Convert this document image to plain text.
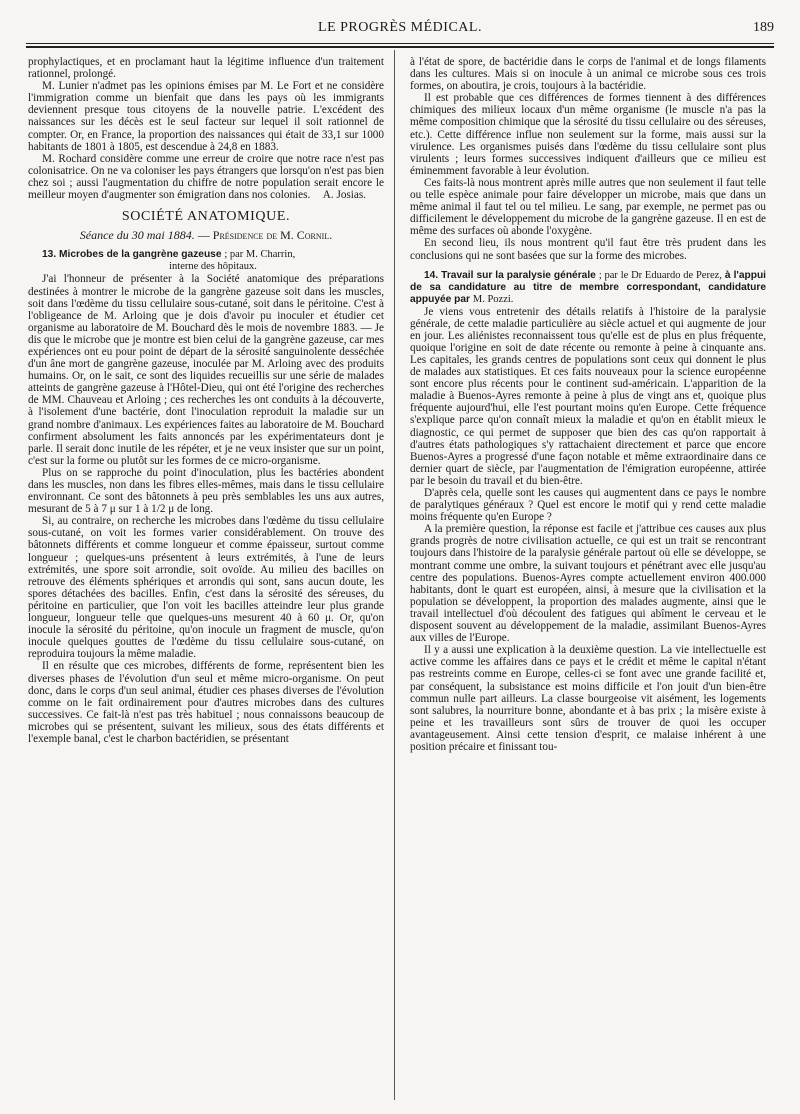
LE PROGRÈS MÉDICAL.	189

prophylactiques, et en proclamant haut la légitime influence d'un traitement rationnel, prolongé.

M. Lunier n'admet pas les opinions émises par M. Le Fort et ne considère l'immigration comme un bienfait que dans les pays où les immigrants deviennent presque tous citoyens de la nouvelle patrie. L'excédent des naissances sur les décès est le seul facteur sur lequel il soit rationnel de compter. Or, en France, la proportion des naissances qui était de 33,1 sur 1000 habitants de 1801 à 1805, est descendue à 24,8 en 1883.

M. Rochard considère comme une erreur de croire que notre race n'est pas colonisatrice. On ne va coloniser les pays étrangers que lorsqu'on n'est pas bien chez soi ; aussi l'augmentation du chiffre de notre population serait encore le meilleur moyen d'augmenter son émigration dans nos colonies.	A. Josias.

SOCIÉTÉ ANATOMIQUE.
Séance du 30 mai 1884. — Présidence de M. Cornil.

13. Microbes de la gangrène gazeuse ; par M. Charrin,
interne des hôpitaux.

J'ai l'honneur de présenter à la Société anatomique des préparations destinées à montrer le microbe de la gangrène gazeuse soit dans les muscles, soit dans l'œdème du tissu cellulaire sous-cutané, soit dans le péritoine. C'est à l'obligeance de M. Arloing que je dois d'avoir pu inoculer et étudier cet organisme au laboratoire de M. Bouchard dès le mois de novembre 1883. — Je dis que le microbe que je montre est bien celui de la gangrène gazeuse, car mes expériences ont eu pour point de départ de la sérosité sanguinolente desséchée d'un âne mort de gangrène gazeuse, inoculée par M. Arloing avec des produits humains. Or, on le sait, ce sont des liquides recueillis sur une série de malades atteints de gangrène gazeuse à l'Hôtel-Dieu, qui ont été l'origine des recherches de MM. Chauveau et Arloing ; ces recherches les ont conduits à la découverte, à l'isolement d'une bactérie, dont l'inoculation reproduit la maladie sur un grand nombre d'animaux. Les expériences faites au laboratoire de M. Bouchard confirment absolument les faits annoncés par les expérimentateurs dont je parle. Il serait donc inutile de les répéter, et je ne veux insister que sur un point, c'est sur la forme ou plutôt sur les formes de ce micro-organisme.

Plus on se rapproche du point d'inoculation, plus les bactéries abondent dans les muscles, non dans les fibres elles-mêmes, mais dans le tissu cellulaire environnant. Ce sont des bâtonnets à peu près semblables les uns aux autres, mesurant de 5 à 7 μ sur 1 à 1/2 μ de long.

Si, au contraire, on recherche les microbes dans l'œdème du tissu cellulaire sous-cutané, on voit les formes varier considérablement. On trouve des bâtonnets différents et comme longueur et comme épaisseur, surtout comme longueur ; quelques-uns présentent à leurs extrémités, à l'une de leurs extrémités, une spore soit arrondie, soit ovoïde. Au milieu des bacilles on retrouve des éléments sphériques et arrondis qui sont, sans aucun doute, les spores détachées des bacilles. Enfin, c'est dans la sérosité des séreuses, du péritoine en particulier, que l'on voit les bacilles atteindre leur plus grande longueur, longueur telle que quelques-uns mesurent 40 à 60 μ. Or, qu'on inocule la sérosité du péritoine, qu'on inocule un fragment de muscle, qu'on inocule quelques gouttes de l'œdème du tissu cellulaire sous-cutané, on reproduira toujours la même maladie.

Il en résulte que ces microbes, différents de forme, représentent bien les diverses phases de l'évolution d'un seul et même micro-organisme. On peut donc, dans le corps d'un seul animal, étudier ces phases diverses de l'évolution comme on le fait ordinairement pour d'autres microbes dans des cultures successives. Ce fait-là n'est pas très habituel ; nous connaissons beaucoup de microbes qui se présentent, suivant les milieux, sous des états différents et l'exemple banal, c'est le charbon bactéridien, se présentant

à l'état de spore, de bactéridie dans le corps de l'animal et de longs filaments dans les cultures. Mais si on inocule à un animal ce microbe sous ces trois formes, on aboutira, je crois, toujours à la bactéridie.

Il est probable que ces différences de formes tiennent à des différences chimiques des milieux locaux d'un même organisme (le muscle n'a pas la même composition chimique que la sérosité du tissu cellulaire ou des séreuses, etc.). Cette différence influe non seulement sur la forme, mais aussi sur la virulence. Les organismes puisés dans l'œdème du tissu cellulaire sont plus virulents ; leurs formes successives indiquent d'ailleurs que ce milieu est éminemment favorable à leur évolution.

Ces faits-là nous montrent après mille autres que non seulement il faut telle ou telle espèce animale pour faire développer un microbe, mais que dans un même animal il faut tel ou tel milieu. Le sang, par exemple, ne permet pas ou difficilement le développement du microbe de la gangrène gazeuse. Il en est de même des surfaces où abonde l'oxygène.

En second lieu, ils nous montrent qu'il faut être très prudent dans les conclusions qui ne sont basées que sur la forme des microbes.

14. Travail sur la paralysie générale ; par le Dr Eduardo de Perez, à l'appui de sa candidature au titre de membre correspondant, candidature appuyée par M. Pozzi.

Je viens vous entretenir des détails relatifs à l'histoire de la paralysie générale, de cette maladie particulière au siècle actuel et qui augmente de jour en jour. Les aliénistes reconnaissent tous qu'elle est de plus en plus fréquente, quoique l'origine en soit de date récente ou remonte à peine à cinquante ans. Les capitales, les grands centres de populations sont ceux qui donnent le plus de malades aux statistiques. Et ces faits nouveaux pour la science européenne sont encore plus récents pour le continent sud-américain. L'apparition de la maladie à Buenos-Ayres remonte à peine à plus de vingt ans et, quoique plus fréquente aujourd'hui, elle l'est pourtant moins qu'en Europe. Cette fréquence s'explique parce qu'on connaît mieux la maladie et qu'on en établit mieux le diagnostic, ce qui permet de supposer que bien des cas qu'on rapportait à d'autres états pathologiques s'y rattachaient directement et parce que encore Buenos-Ayres a progressé d'une façon notable et même extraordinaire dans ce dernier quart de siècle, par l'augmentation de l'émigration européenne, attirée par le besoin du travail et du bien-être.

D'après cela, quelle sont les causes qui augmentent dans ce pays le nombre de paralytiques généraux ? Quel est encore le motif qui y rend cette maladie moins fréquente qu'en Europe ?

A la première question, la réponse est facile et j'attribue ces causes aux plus grands progrès de notre civilisation actuelle, ce qui est un trait se rencontrant toujours dans l'histoire de la paralysie générale partout où elle se développe, se montrant comme une ombre, la suivant toujours et pénétrant avec elle jusqu'au centre des populations. Buenos-Ayres compte actuellement environ 400.000 habitants, dont le quart est européen, ainsi, à mesure que la civilisation et la population se développent, la proportion des malades augmente, ainsi que le travail intellectuel d'où découlent des fatigues qui abîment le cerveau et le disposent souvent au développement de la maladie, assimilant Buenos-Ayres aux villes de l'Europe.

Il y a aussi une explication à la deuxième question. La vie intellectuelle est active comme les affaires dans ce pays et le crédit et même le capital n'étant pas restreints comme en Europe, celles-ci se font avec une grande facilité et, par conséquent, la subsistance est moins difficile et l'on jouit d'un bien-être commun nulle part ailleurs. La classe bourgeoise vit aisément, les logements sont salubres, la nourriture bonne, abondante et à bas prix ; la misère existe à peine et les travailleurs sont sûrs de trouver de quoi les occuper avantageusement. Ainsi cette tension d'esprit, ce malaise inhérent à une position précaire et finissant tou-
